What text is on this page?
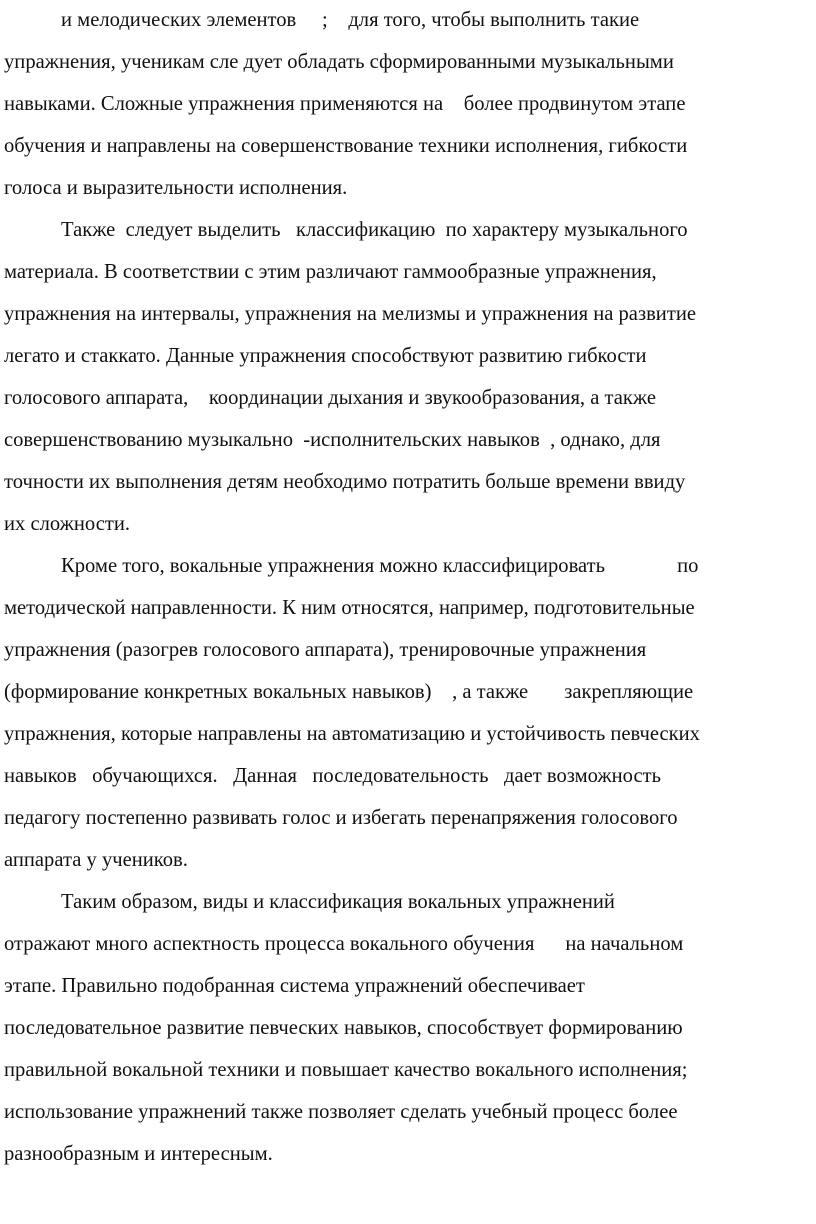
и мелодических элементов     ;    для того, чтобы выполнить такие
упражнения, ученикам сле дует обладать сформированными музыкальными
навыками. Сложные упражнения применяются на    более продвинутом этапе
обучения и направлены на совершенствование техники исполнения, гибкости
голоса и выразительности исполнения.
Также  следует выделить   классификацию  по характеру музыкального
материала. В соответствии с этим различают гаммообразные упражнения,
упражнения на интервалы, упражнения на мелизмы и упражнения на развитие
легато и стаккато. Данные упражнения способствуют развитию гибкости
голосового аппарата,    координации дыхания и звукообразования, а также
совершенствованию музыкально  -исполнительских навыков  , однако, для
точности их выполнения детям необходимо потратить больше времени ввиду
их сложности.
Кроме того, вокальные упражнения можно классифицировать              по
методической направленности. К ним относятся, например, подготовительные
упражнения (разогрев голосового аппарата), тренировочные упражнения
(формирование конкретных вокальных навыков)    , а также       закрепляющие
упражнения, которые направлены на автоматизацию и устойчивость певческих
навыков   обучающихся.   Данная   последовательность   дает возможность
педагогу постепенно развивать голос и избегать перенапряжения голосового
аппарата у учеников.
Таким образом, виды и классификация вокальных упражнений
отражают много аспектность процесса вокального обучения      на начальном
этапе. Правильно подобранная система упражнений обеспечивает
последовательное развитие певческих навыков, способствует формированию
правильной вокальной техники и повышает качество вокального исполнения;
использование упражнений также позволяет сделать учебный процесс более
разнообразным и интересным.
